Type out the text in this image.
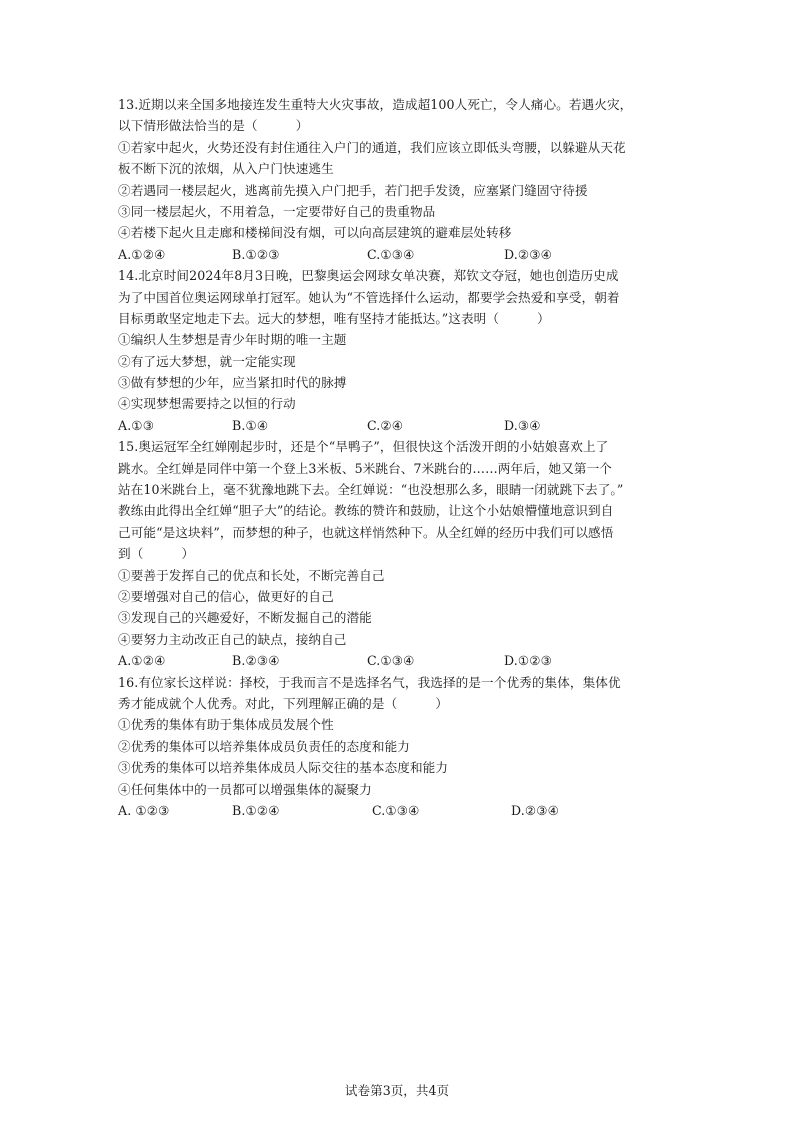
13.近期以来全国多地接连发生重特大火灾事故，造成超100人死亡，令人痛心。若遇火灾，
以下情形做法恰当的是（　　　）
①若家中起火，火势还没有封住通往入户门的通道，我们应该立即低头弯腰，以躲避从天花
板不断下沉的浓烟，从入户门快速逃生
②若遇同一楼层起火，逃离前先摸入户门把手，若门把手发烫，应塞紧门缝固守待援
③同一楼层起火，不用着急，一定要带好自己的贵重物品
④若楼下起火且走廊和楼梯间没有烟，可以向高层建筑的避难层处转移
A.①②④	B.①②③	C.①③④	D.②③④
14.北京时间2024年8月3日晚，巴黎奥运会网球女单决赛，郑钦文夺冠，她也创造历史成
为了中国首位奥运网球单打冠军。她认为“不管选择什么运动，都要学会热爱和享受，朝着
目标勇敢坚定地走下去。远大的梦想，唯有坚持才能抵达。”这表明（　　　）
①编织人生梦想是青少年时期的唯一主题
②有了远大梦想，就一定能实现
③做有梦想的少年，应当紧扣时代的脉搏
④实现梦想需要持之以恒的行动
A.①③	B.①④	C.②④	D.③④
15.奥运冠军全红婵刚起步时，还是个“旱鸭子”，但很快这个活泼开朗的小姑娘喜欢上了
跳水。全红婵是同伴中第一个登上3米板、5米跳台、7米跳台的……两年后，她又第一个
站在10米跳台上，毫不犹豫地跳下去。全红婵说：“也没想那么多，眼睛一闭就跳下去了。”
教练由此得出全红婵“胆子大”的结论。教练的赞许和鼓励，让这个小姑娘懵懂地意识到自
己可能“是这块料”，而梦想的种子，也就这样悄然种下。从全红婵的经历中我们可以感悟
到（　　　）
①要善于发挥自己的优点和长处，不断完善自己
②要增强对自己的信心，做更好的自己
③发现自己的兴趣爱好，不断发掘自己的潜能
④要努力主动改正自己的缺点，接纳自己
A.①②④	B.②③④	C.①③④	D.①②③
16.有位家长这样说：择校，于我而言不是选择名气，我选择的是一个优秀的集体，集体优
秀才能成就个人优秀。对此，下列理解正确的是（　　　）
①优秀的集体有助于集体成员发展个性
②优秀的集体可以培养集体成员负责任的态度和能力
③优秀的集体可以培养集体成员人际交往的基本态度和能力
④任何集体中的一员都可以增强集体的凝聚力
A. ①②③	B.①②④	C.①③④	D.②③④
试卷第3页，共4页
